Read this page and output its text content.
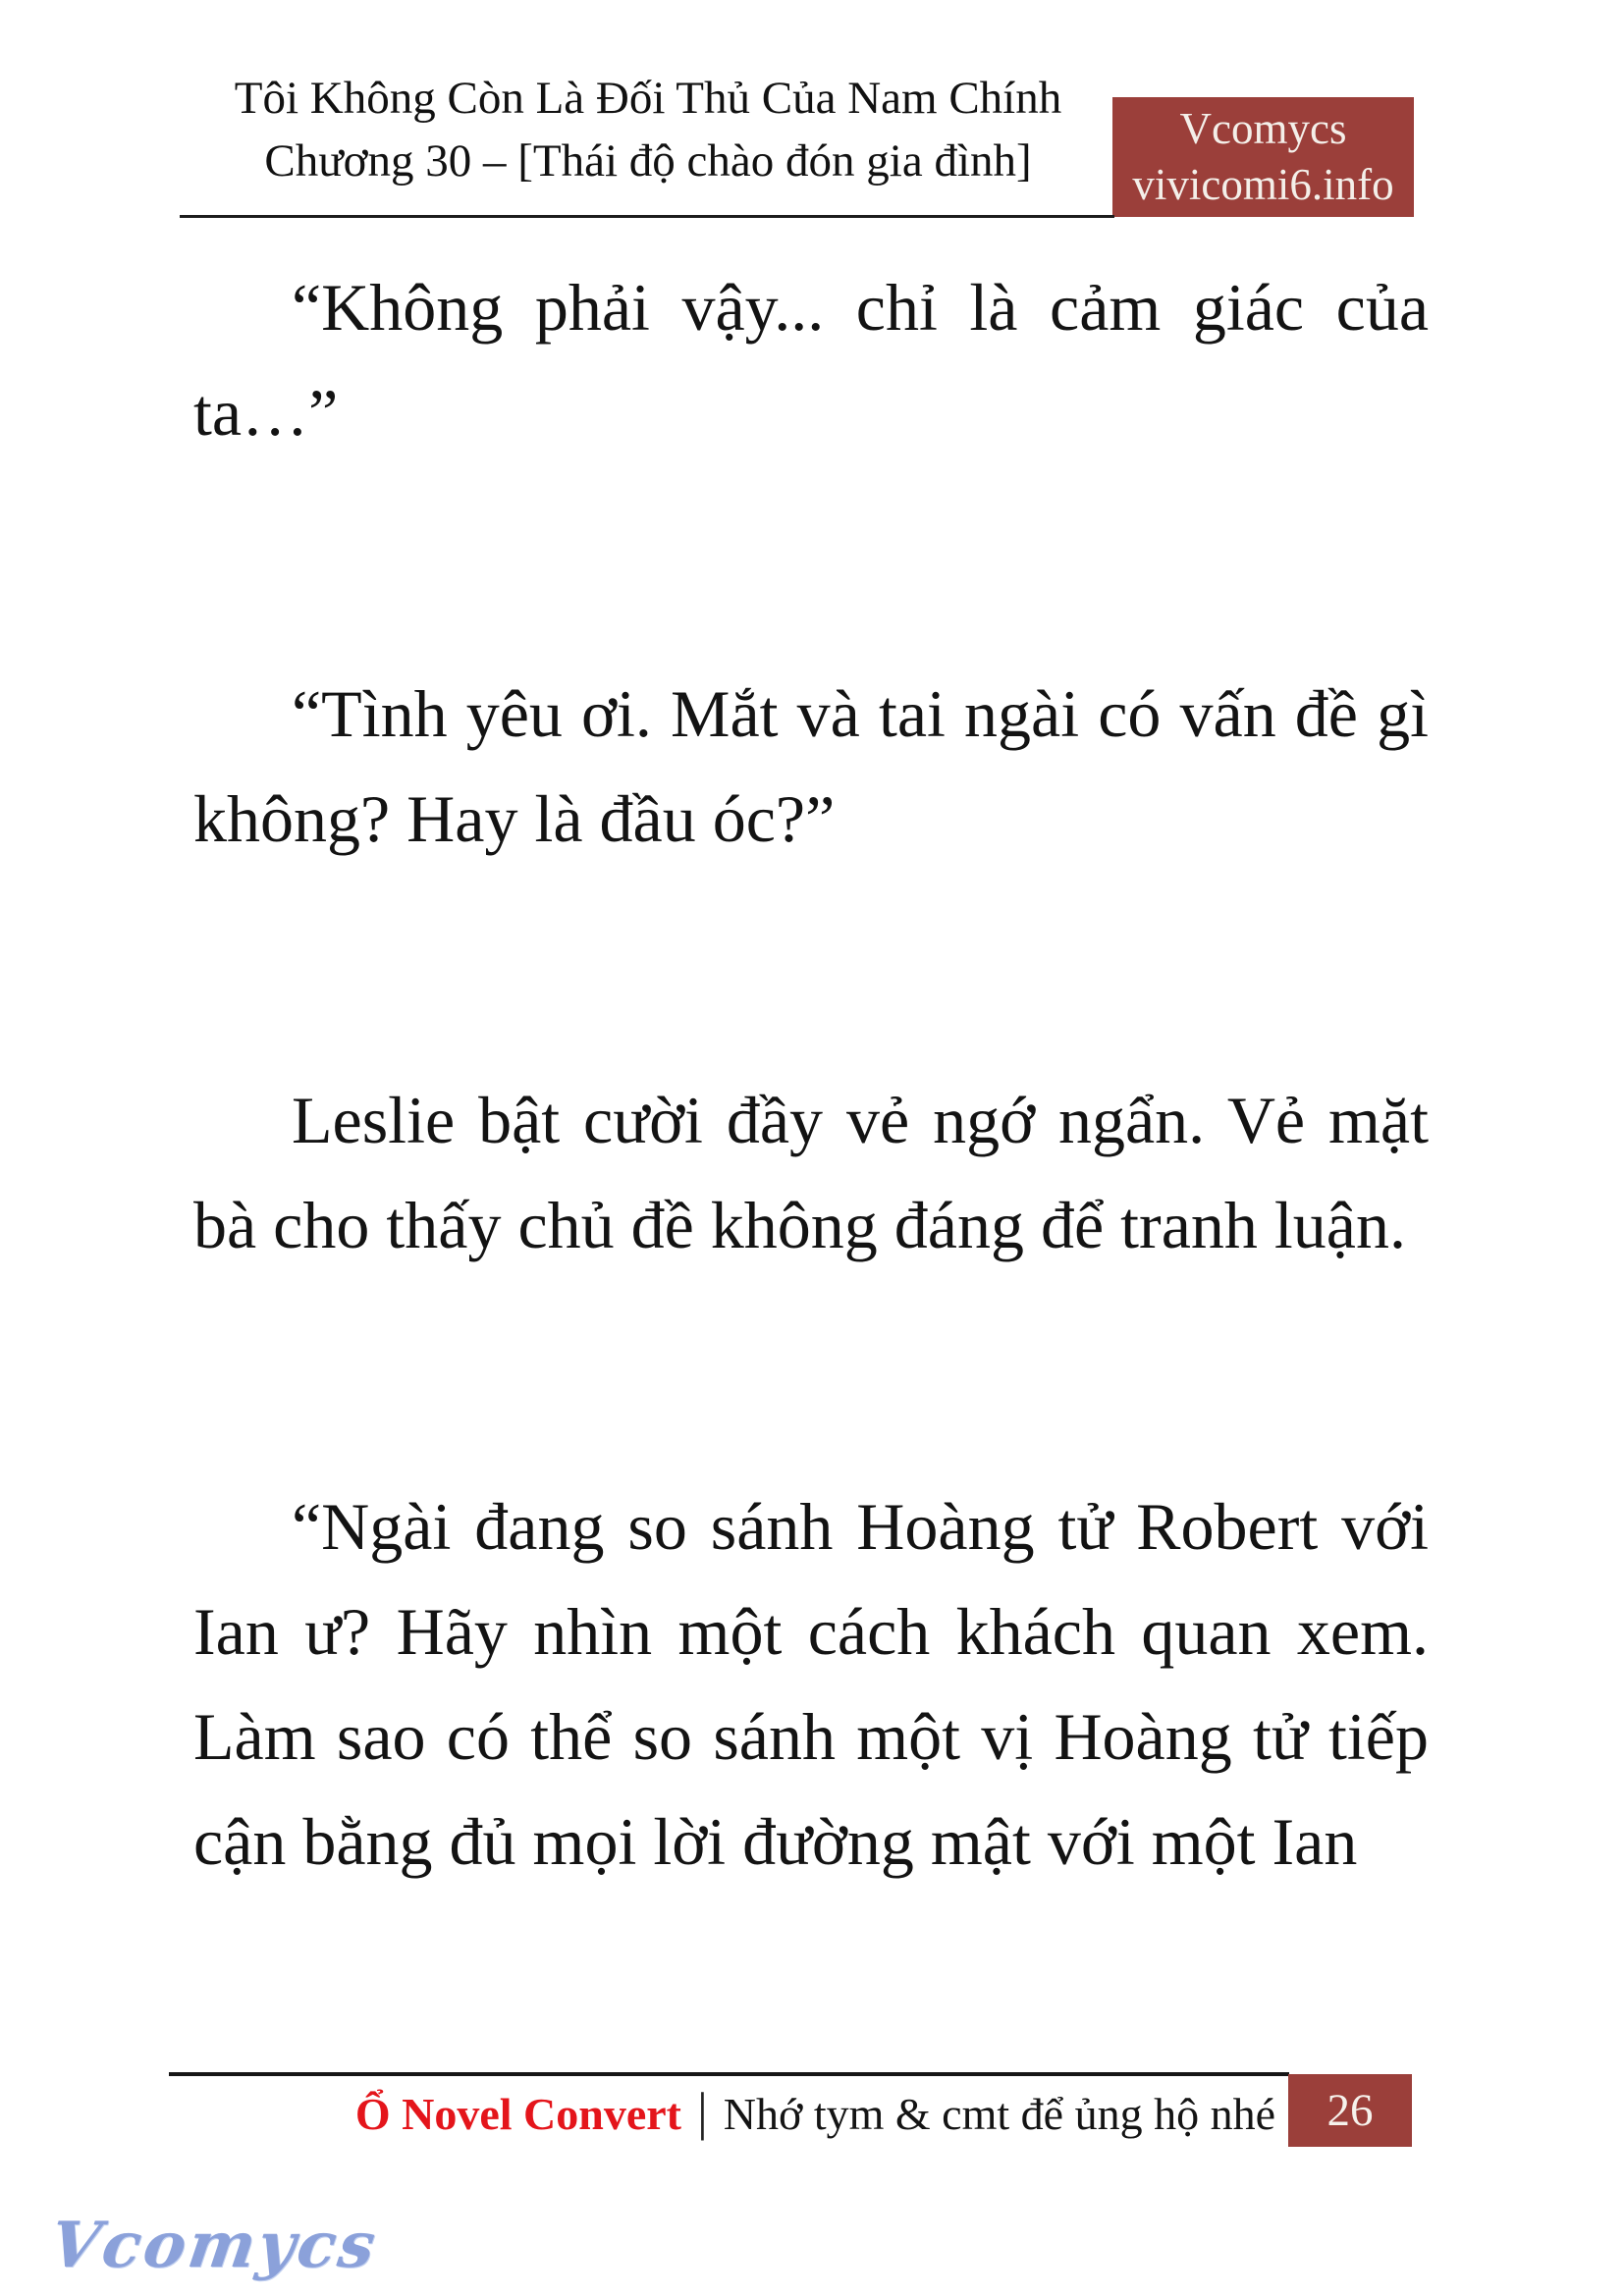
Tôi Không Còn Là Đối Thủ Của Nam Chính
Chương 30 – [Thái độ chào đón gia đình]
Vcomycs
vivicomi6.info

“Không phải vậy... chỉ là cảm giác của ta…”

“Tình yêu ơi. Mắt và tai ngài có vấn đề gì không? Hay là đầu óc?”

Leslie bật cười đầy vẻ ngớ ngẩn. Vẻ mặt bà cho thấy chủ đề không đáng để tranh luận.

“Ngài đang so sánh Hoàng tử Robert với Ian ư? Hãy nhìn một cách khách quan xem. Làm sao có thể so sánh một vị Hoàng tử tiếp cận bằng đủ mọi lời đường mật với một Ian

Ổ Novel Convert | Nhớ tym & cmt để ủng hộ nhé 26
Vcomycs
